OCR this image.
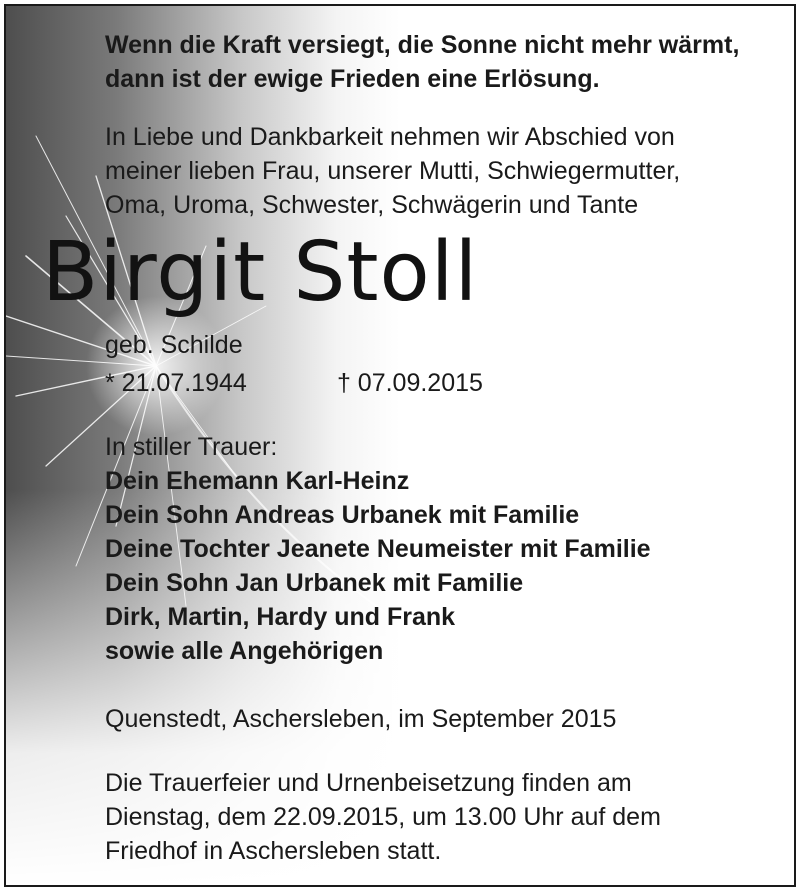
Wenn die Kraft versiegt, die Sonne nicht mehr wärmt,
dann ist der ewige Frieden eine Erlösung.
In Liebe und Dankbarkeit nehmen wir Abschied von
meiner lieben Frau, unserer Mutti, Schwiegermutter,
Oma, Uroma, Schwester, Schwägerin und Tante
geb. Schilde
* 21.07.1944	† 07.09.2015
In stiller Trauer:
Dein Ehemann Karl-Heinz
Dein Sohn Andreas Urbanek mit Familie
Deine Tochter Jeanete Neumeister mit Familie
Dein Sohn Jan Urbanek mit Familie
Dirk, Martin, Hardy und Frank
sowie alle Angehörigen
Quenstedt, Aschersleben, im September 2015
Die Trauerfeier und Urnenbeisetzung finden am
Dienstag, dem 22.09.2015, um 13.00 Uhr auf dem
Friedhof in Aschersleben statt.
Birgit Stoll
